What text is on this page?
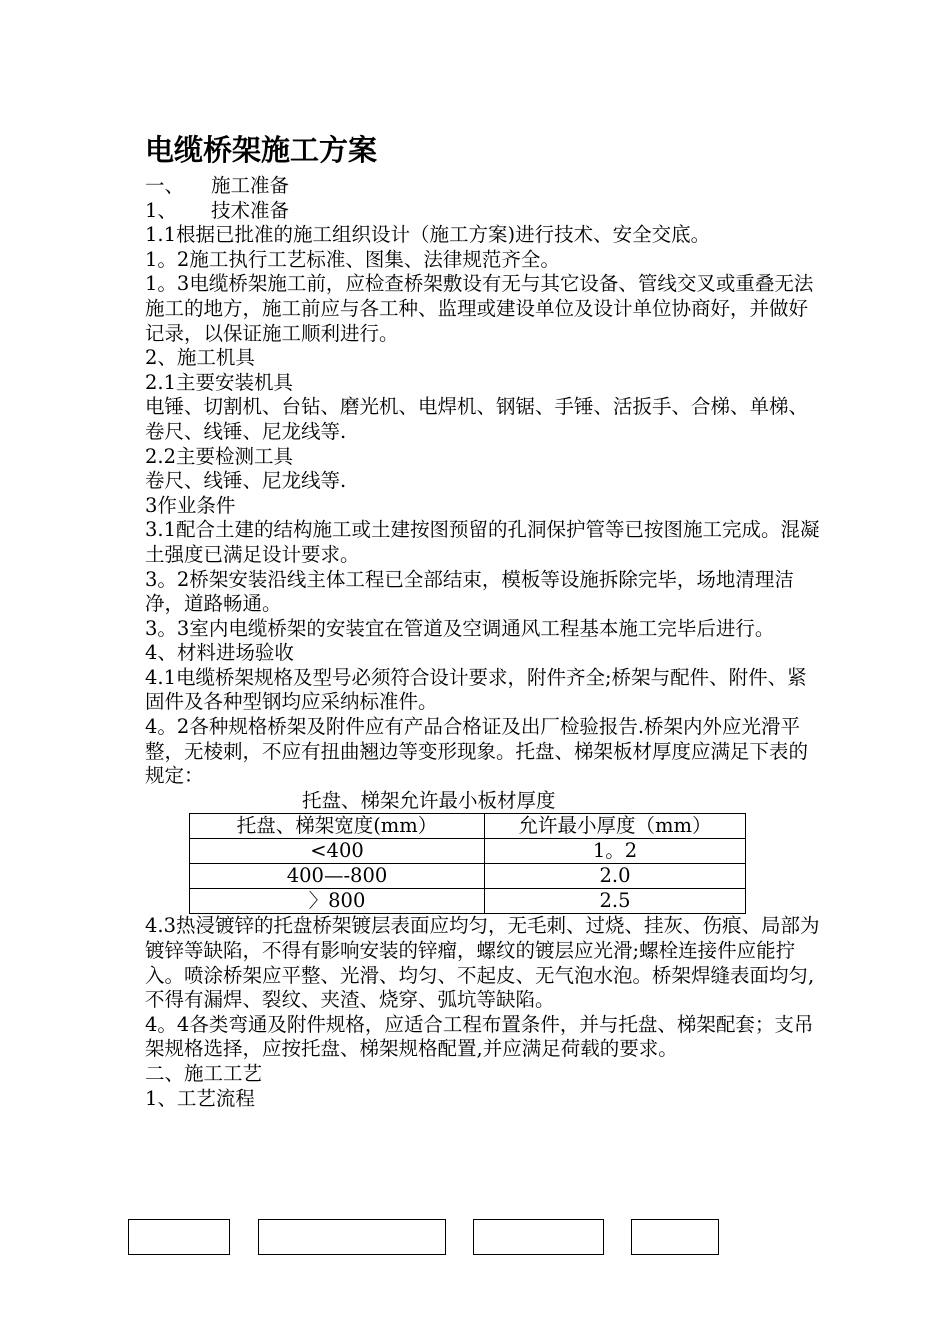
电缆桥架施工方案

一、 施工准备

1、 技术准备

1.1根据已批准的施工组织设计（施工方案)进行技术、安全交底。

1。2施工执行工艺标准、图集、法律规范齐全。

1。3电缆桥架施工前，应检查桥架敷设有无与其它设备、管线交叉或重叠无法施工的地方，施工前应与各工种、监理或建设单位及设计单位协商好，并做好记录，以保证施工顺利进行。

2、施工机具

2.1主要安装机具

电锤、切割机、台钻、磨光机、电焊机、钢锯、手锤、活扳手、合梯、单梯、卷尺、线锤、尼龙线等.

2.2主要检测工具

卷尺、线锤、尼龙线等.

3作业条件

3.1配合土建的结构施工或土建按图预留的孔洞保护管等已按图施工完成。混凝土强度已满足设计要求。

3。2桥架安装沿线主体工程已全部结束，模板等设施拆除完毕，场地清理洁净，道路畅通。

3。3室内电缆桥架的安装宜在管道及空调通风工程基本施工完毕后进行。

4、材料进场验收

4.1电缆桥架规格及型号必须符合设计要求，附件齐全;桥架与配件、附件、紧固件及各种型钢均应采纳标准件。

4。2各种规格桥架及附件应有产品合格证及出厂检验报告.桥架内外应光滑平整，无棱刺，不应有扭曲翘边等变形现象。托盘、梯架板材厚度应满足下表的规定：

托盘、梯架允许最小板材厚度

托盘、梯架宽度(mm）	允许最小厚度（mm）
<400	1。2
400—-800	2.0
〉800	2.5

4.3热浸镀锌的托盘桥架镀层表面应均匀，无毛刺、过烧、挂灰、伤痕、局部为镀锌等缺陷，不得有影响安装的锌瘤，螺纹的镀层应光滑;螺栓连接件应能拧入。喷涂桥架应平整、光滑、均匀、不起皮、无气泡水泡。桥架焊缝表面均匀,不得有漏焊、裂纹、夹渣、烧穿、弧坑等缺陷。

4。4各类弯通及附件规格，应适合工程布置条件，并与托盘、梯架配套；支吊架规格选择，应按托盘、梯架规格配置,并应满足荷载的要求。

二、施工工艺

1、工艺流程
